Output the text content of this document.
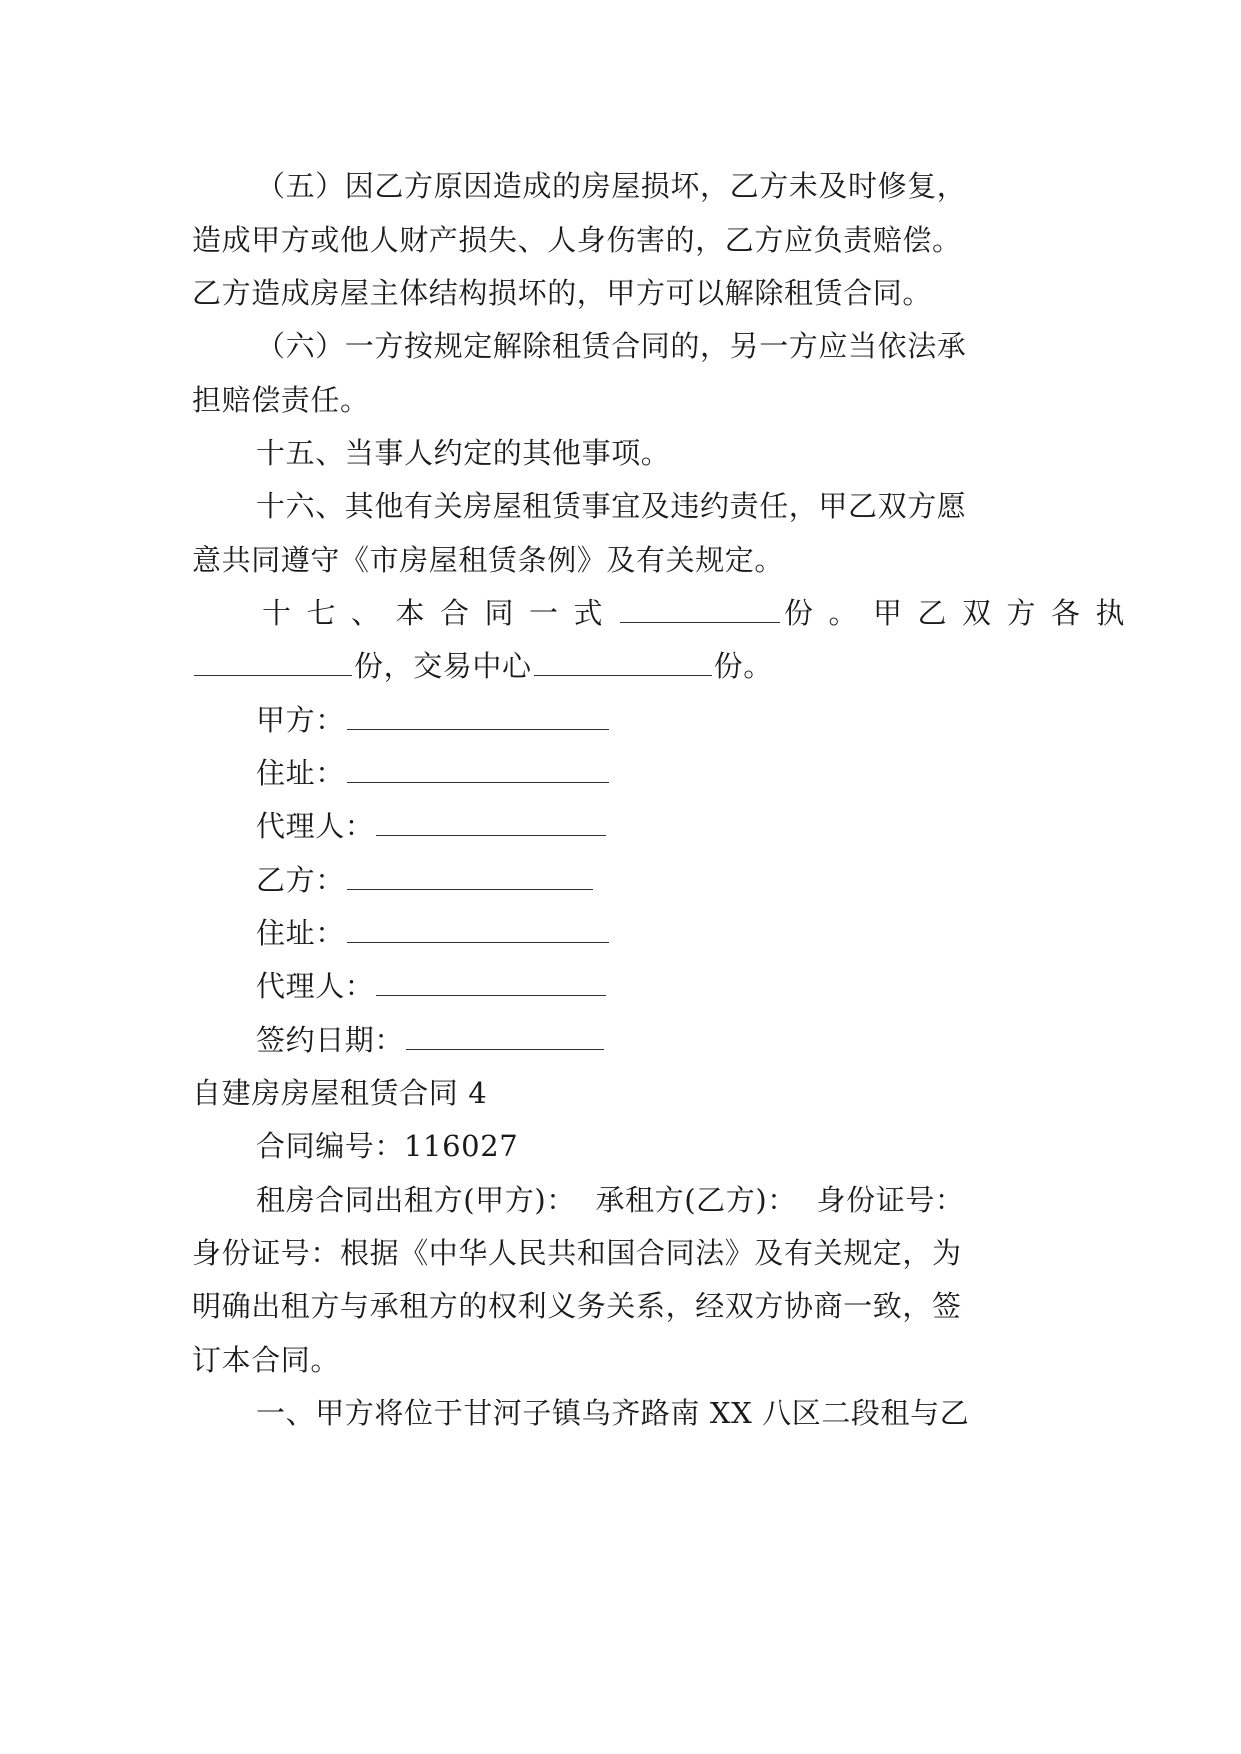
（五）因乙方原因造成的房屋损坏，乙方未及时修复，
造成甲方或他人财产损失、人身伤害的，乙方应负责赔偿。
乙方造成房屋主体结构损坏的，甲方可以解除租赁合同。
（六）一方按规定解除租赁合同的，另一方应当依法承
担赔偿责任。
十五、当事人约定的其他事项。
十六、其他有关房屋租赁事宜及违约责任，甲乙双方愿
意共同遵守《市房屋租赁条例》及有关规定。
十七、本合同一式	份。甲乙双方各执
份，交易中心	份。
甲方：
住址：
代理人：
乙方：
住址：
代理人：
签约日期：
自建房房屋租赁合同 4
合同编号：116027
租房合同出租方(甲方)：  承租方(乙方)：  身份证号：
身份证号：根据《中华人民共和国合同法》及有关规定，为
明确出租方与承租方的权利义务关系，经双方协商一致，签
订本合同。
一、甲方将位于甘河子镇乌齐路南 XX 八区二段租与乙
